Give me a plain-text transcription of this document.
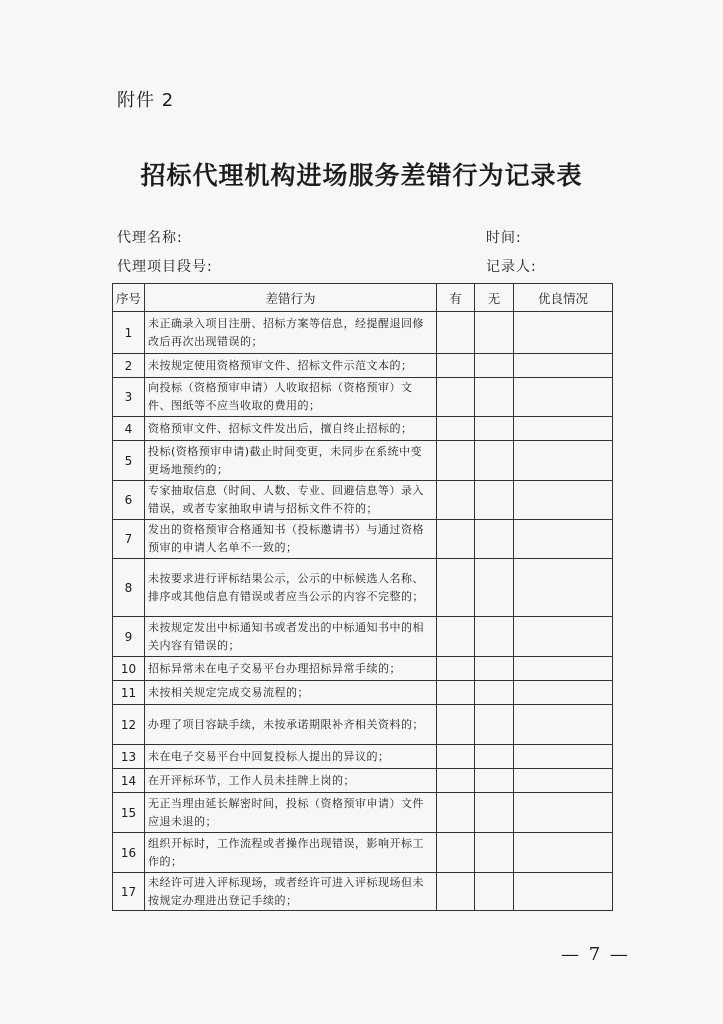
附件 2
招标代理机构进场服务差错行为记录表
代理名称:	时间:
代理项目段号:	记录人:
序号	差错行为	有	无	优良情况
1	未正确录入项目注册、招标方案等信息，经提醒退回修改后再次出现错误的；			
2	未按规定使用资格预审文件、招标文件示范文本的；			
3	向投标（资格预审申请）人收取招标（资格预审）文件、图纸等不应当收取的费用的；			
4	资格预审文件、招标文件发出后，擅自终止招标的；			
5	投标(资格预审申请)截止时间变更，未同步在系统中变更场地预约的；			
6	专家抽取信息（时间、人数、专业、回避信息等）录入错误，或者专家抽取申请与招标文件不符的；			
7	发出的资格预审合格通知书（投标邀请书）与通过资格预审的申请人名单不一致的；			
8	未按要求进行评标结果公示，公示的中标候选人名称、排序或其他信息有错误或者应当公示的内容不完整的；			
9	未按规定发出中标通知书或者发出的中标通知书中的相关内容有错误的；			
10	招标异常未在电子交易平台办理招标异常手续的；			
11	未按相关规定完成交易流程的；			
12	办理了项目容缺手续，未按承诺期限补齐相关资料的；			
13	未在电子交易平台中回复投标人提出的异议的；			
14	在开评标环节，工作人员未挂牌上岗的；			
15	无正当理由延长解密时间，投标（资格预审申请）文件应退未退的；			
16	组织开标时，工作流程或者操作出现错误，影响开标工作的；			
17	未经许可进入评标现场，或者经许可进入评标现场但未按规定办理进出登记手续的；			
— 7 —
